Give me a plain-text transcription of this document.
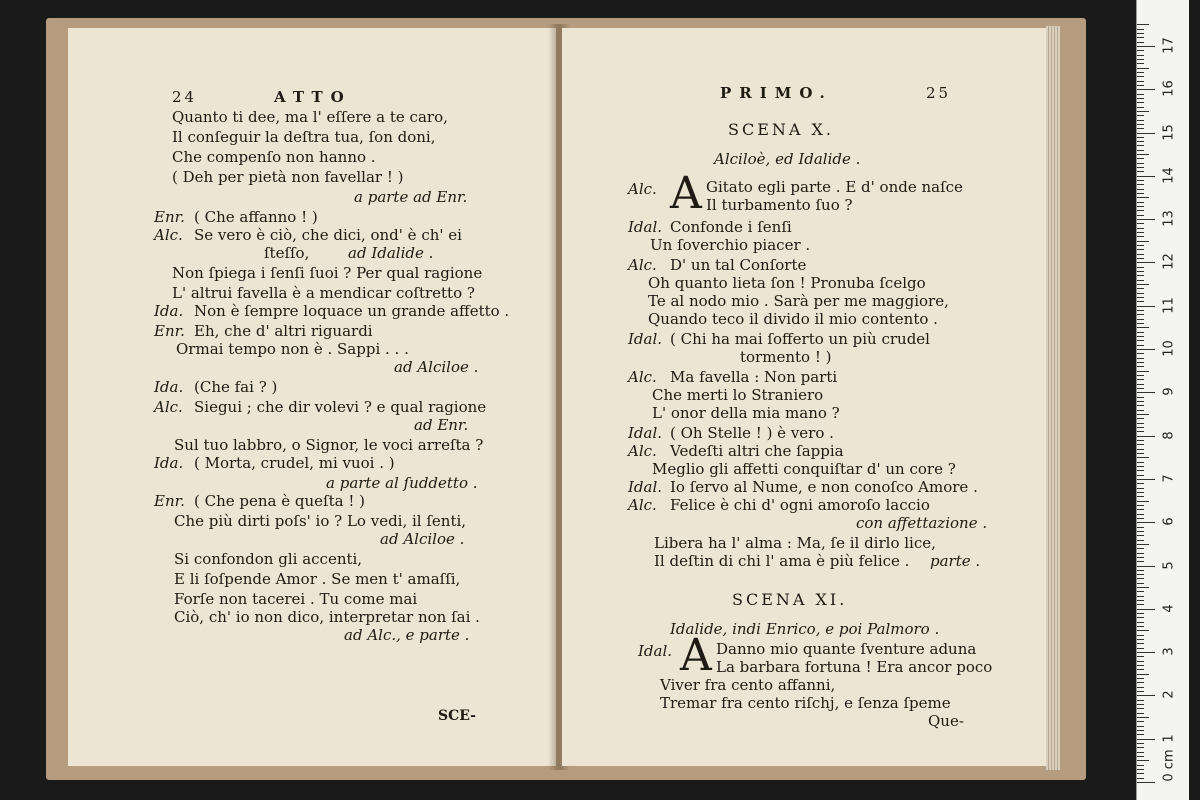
24	ATTO
Quanto ti dee, ma l' eſſere a te caro,
Il conſeguir la deſtra tua, ſon doni,
Che compenſo non hanno .
( Deh per pietà non favellar ! )
a parte ad Enr.
Enr. ( Che affanno ! )
Alc. Se vero è ciò, che dici, ond' è ch' ei
ſteſſo,	ad Idalide .
Non ſpiega i ſenſi ſuoi ? Per qual ragione
L' altrui favella è a mendicar coſtretto ?
Ida. Non è ſempre loquace un grande affetto .
Enr. Eh, che d' altri riguardi
Ormai tempo non è . Sappi . . .
ad Alciloe .
Ida. (Che fai ? )
Alc. Siegui ; che dir volevi ? e qual ragione
ad Enr.
Sul tuo labbro, o Signor, le voci arreſta ?
Ida. ( Morta, crudel, mi vuoi . )
a parte al ſuddetto .
Enr. ( Che pena è queſta ! )
Che più dirti poſs' io ? Lo vedi, il ſenti,
ad Alciloe .
Si confondon gli accenti,
E li ſoſpende Amor . Se men t' amaſſi,
Forſe non tacerei . Tu come mai
Ciò, ch' io non dico, interpretar non ſai .
ad Alc., e parte .
SCE-
PRIMO.	25
SCENA X.
Alciloè, ed Idalide .
Alc. A Gitato egli parte . E d' onde naſce
Il turbamento ſuo ?
Idal. Confonde i ſenſi
Un ſoverchio piacer .
Alc. D' un tal Conſorte
Oh quanto lieta ſon ! Pronuba ſcelgo
Te al nodo mio . Sarà per me maggiore,
Quando teco il divido il mio contento .
Idal. ( Chi ha mai ſofferto un più crudel
tormento ! )
Alc. Ma favella : Non parti
Che merti lo Straniero
L' onor della mia mano ?
Idal. ( Oh Stelle ! ) è vero .
Alc. Vedeſti altri che ſappia
Meglio gli affetti conquiſtar d' un core ?
Idal. Io ſervo al Nume, e non conoſco Amore .
Alc. Felice è chi d' ogni amoroſo laccio
con affettazione .
Libera ha l' alma : Ma, ſe il dirlo lice,
Il deſtin di chi l' ama è più felice . parte .
SCENA XI.
Idalide, indi Enrico, e poi Palmoro .
Idal. A Danno mio quante ſventure aduna
La barbara fortuna ! Era ancor poco
Viver fra cento affanni,
Tremar fra cento riſchj, e ſenza ſpeme
Que-
0 cm
1
2
3
4
5
6
7
8
9
10
11
12
13
14
15
16
17
